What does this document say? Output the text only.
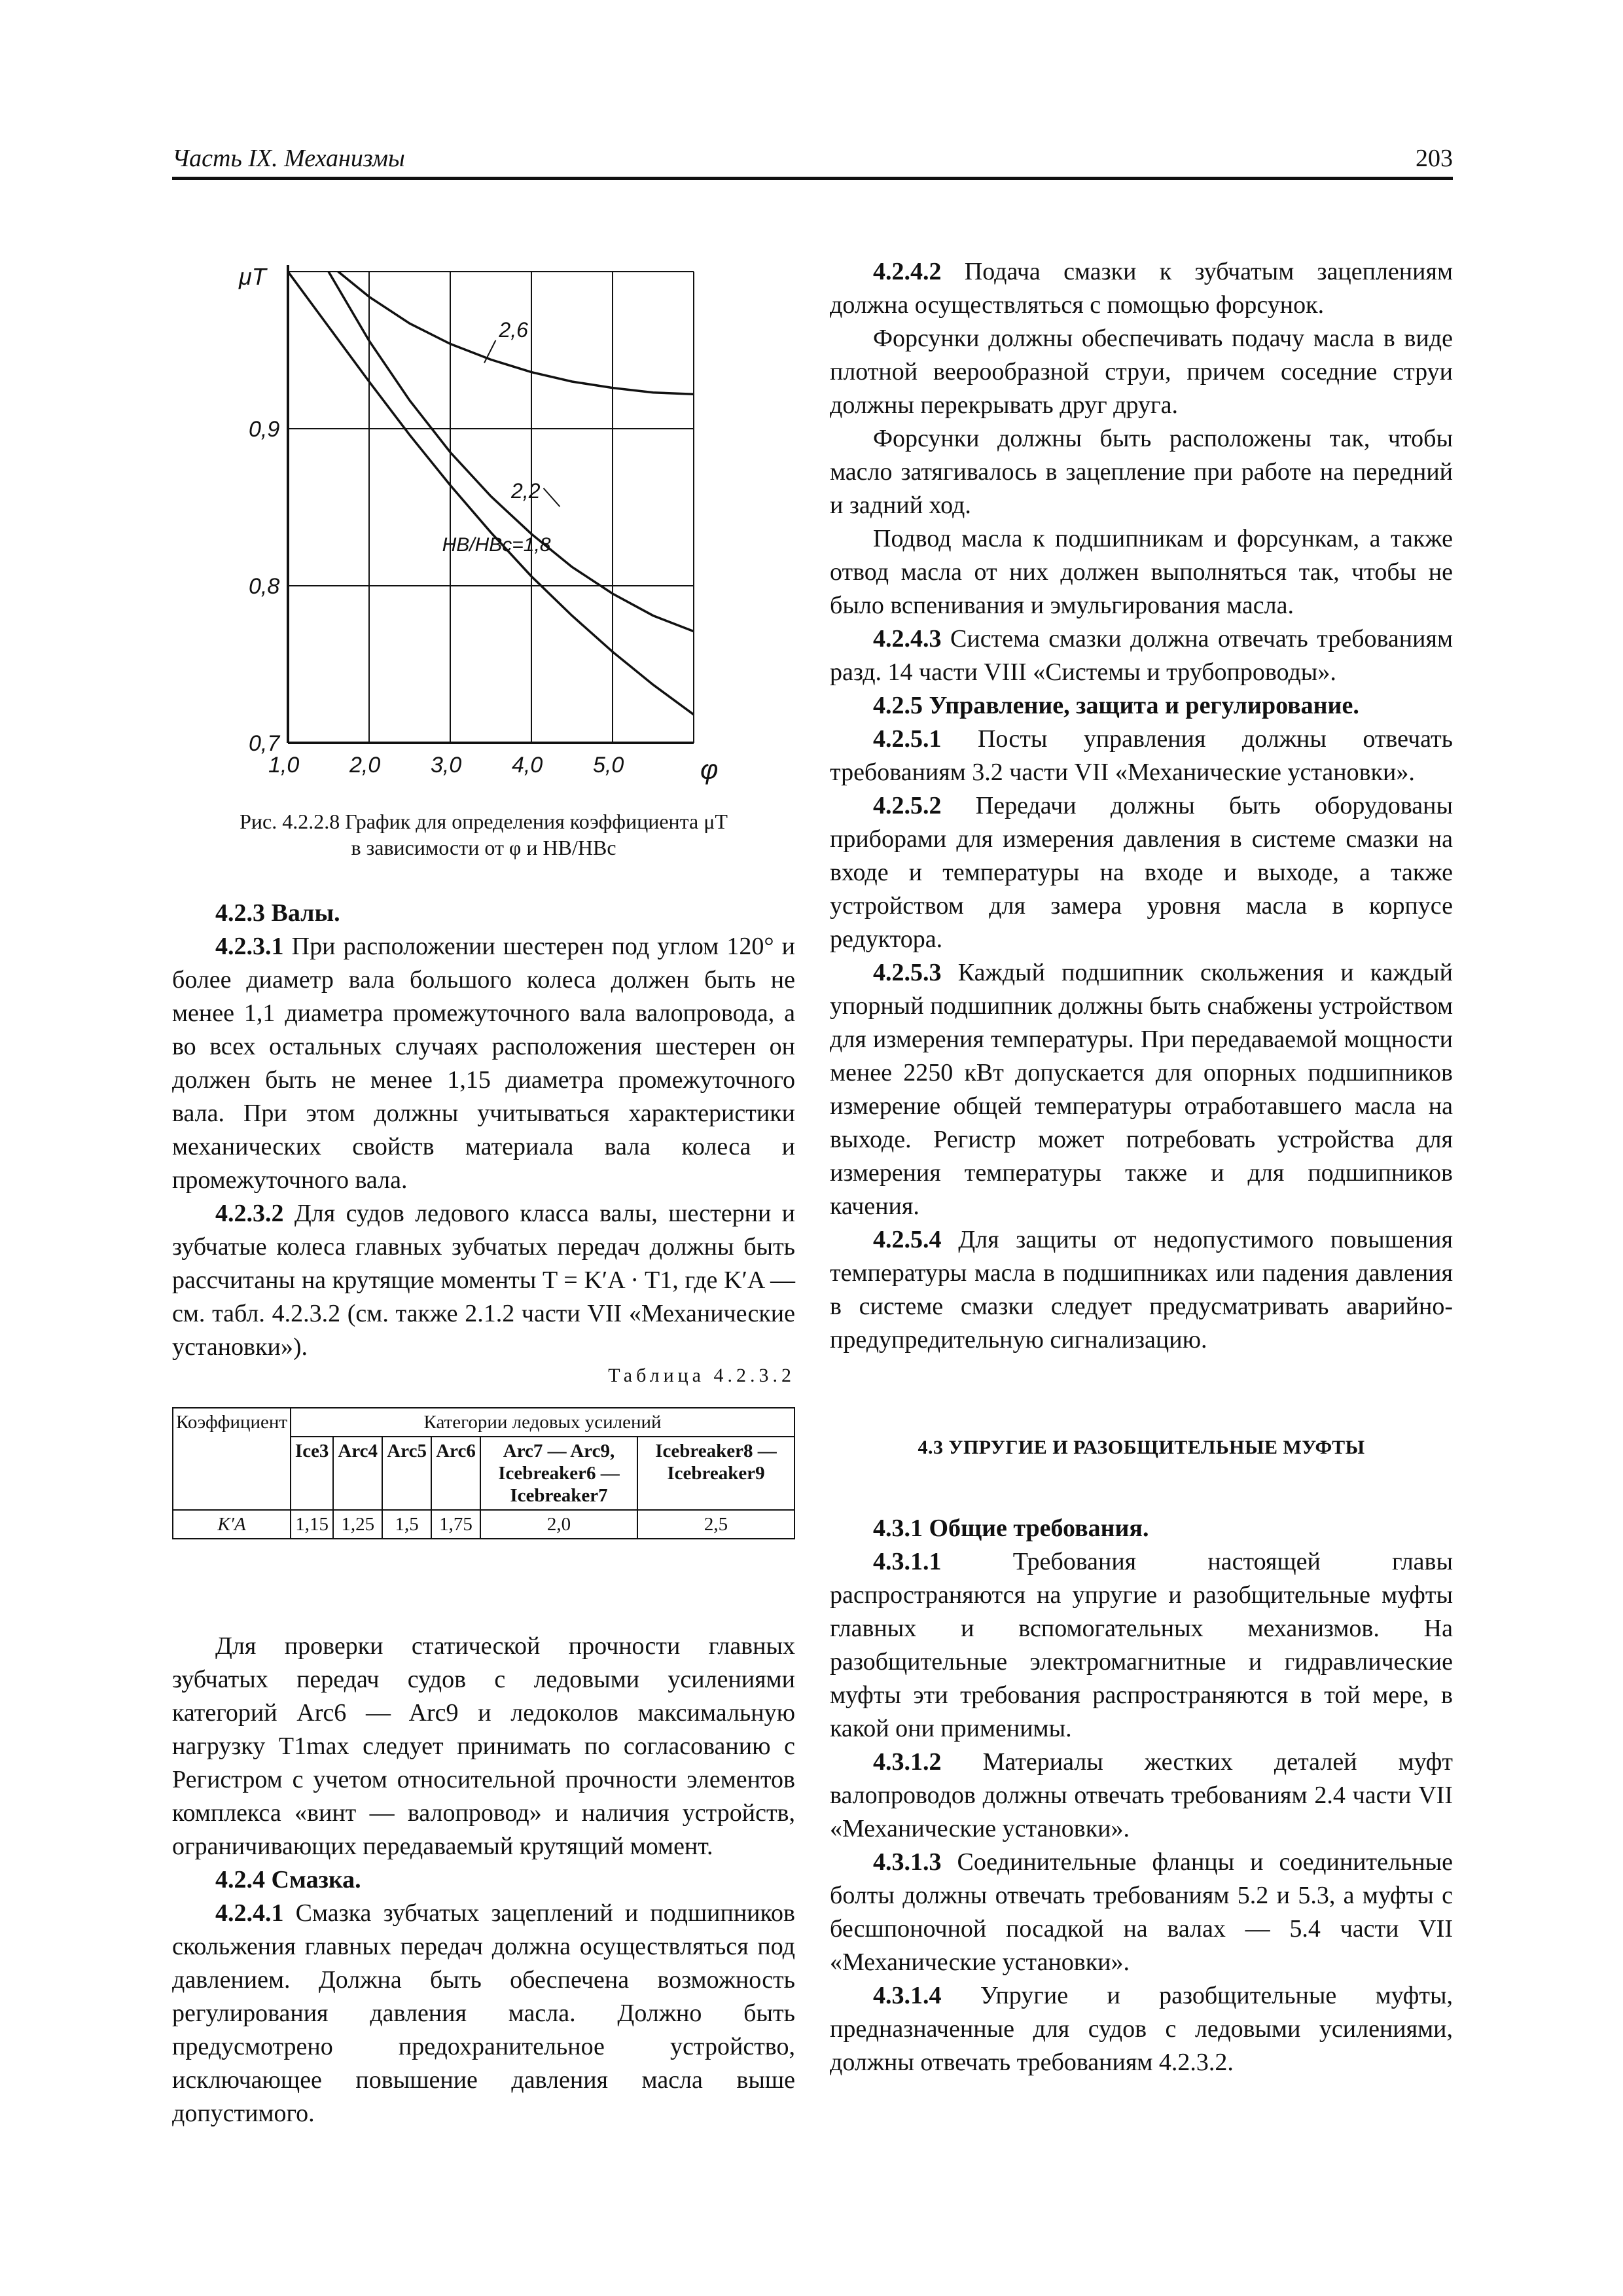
Часть IX. Механизмы	203
0,9
0,8
0,7
1,0 2,0 3,0 4,0 5,0
μT
φ
2,6
2,2
HB/HBc=1,8
Рис. 4.2.2.8 График для определения коэффициента μT
в зависимости от φ и HB/HBc

4.2.3 Валы.

4.2.3.1 При расположении шестерен под углом 120° и более диаметр вала большого колеса должен быть не менее 1,1 диаметра промежуточного вала валопровода, а во всех остальных случаях расположения шестерен он должен быть не менее 1,15 диаметра промежуточного вала. При этом должны учитываться характеристики механических свойств материала вала колеса и промежуточного вала.

4.2.3.2 Для судов ледового класса валы, шестерни и зубчатые колеса главных зубчатых передач должны быть рассчитаны на крутящие моменты T = K′A · T1, где K′A — см. табл. 4.2.3.2 (см. также 2.1.2 части VII «Механические установки»).

Таблица 4.2.3.2
Коэффициент	Категории ледовых усилений					
	Ice3	Arc4	Arc5	Arc6	Arc7 — Arc9, Icebreaker6 — Icebreaker7	Icebreaker8 — Icebreaker9
K′A	1,15	1,25	1,5	1,75	2,0	2,5

Для проверки статической прочности главных зубчатых передач судов с ледовыми усилениями категорий Arc6 — Arc9 и ледоколов максимальную нагрузку T1max следует принимать по согласованию с Регистром с учетом относительной прочности элементов комплекса «винт — валопровод» и наличия устройств, ограничивающих передаваемый крутящий момент.

4.2.4 Смазка.

4.2.4.1 Смазка зубчатых зацеплений и подшипников скольжения главных передач должна осуществляться под давлением. Должна быть обеспечена возможность регулирования давления масла. Должно быть предусмотрено предохранительное устройство, исключающее повышение давления масла выше допустимого.

4.2.4.2 Подача смазки к зубчатым зацеплениям должна осуществляться с помощью форсунок.

Форсунки должны обеспечивать подачу масла в виде плотной веерообразной струи, причем соседние струи должны перекрывать друг друга.

Форсунки должны быть расположены так, чтобы масло затягивалось в зацепление при работе на передний и задний ход.

Подвод масла к подшипникам и форсункам, а также отвод масла от них должен выполняться так, чтобы не было вспенивания и эмульгирования масла.

4.2.4.3 Система смазки должна отвечать требованиям разд. 14 части VIII «Системы и трубопроводы».

4.2.5 Управление, защита и регулирование.

4.2.5.1 Посты управления должны отвечать требованиям 3.2 части VII «Механические установки».

4.2.5.2 Передачи должны быть оборудованы приборами для измерения давления в системе смазки на входе и температуры на входе и выходе, а также устройством для замера уровня масла в корпусе редуктора.

4.2.5.3 Каждый подшипник скольжения и каждый упорный подшипник должны быть снабжены устройством для измерения температуры. При передаваемой мощности менее 2250 кВт допускается для опорных подшипников измерение общей температуры отработавшего масла на выходе. Регистр может потребовать устройства для измерения температуры также и для подшипников качения.

4.2.5.4 Для защиты от недопустимого повышения температуры масла в подшипниках или падения давления в системе смазки следует предусматривать аварийно-предупредительную сигнализацию.

4.3 УПРУГИЕ И РАЗОБЩИТЕЛЬНЫЕ МУФТЫ

4.3.1 Общие требования.

4.3.1.1 Требования настоящей главы распространяются на упругие и разобщительные муфты главных и вспомогательных механизмов. На разобщительные электромагнитные и гидравлические муфты эти требования распространяются в той мере, в какой они применимы.

4.3.1.2 Материалы жестких деталей муфт валопроводов должны отвечать требованиям 2.4 части VII «Механические установки».

4.3.1.3 Соединительные фланцы и соединительные болты должны отвечать требованиям 5.2 и 5.3, а муфты с бесшпоночной посадкой на валах — 5.4 части VII «Механические установки».

4.3.1.4 Упругие и разобщительные муфты, предназначенные для судов с ледовыми усилениями, должны отвечать требованиям 4.2.3.2.
